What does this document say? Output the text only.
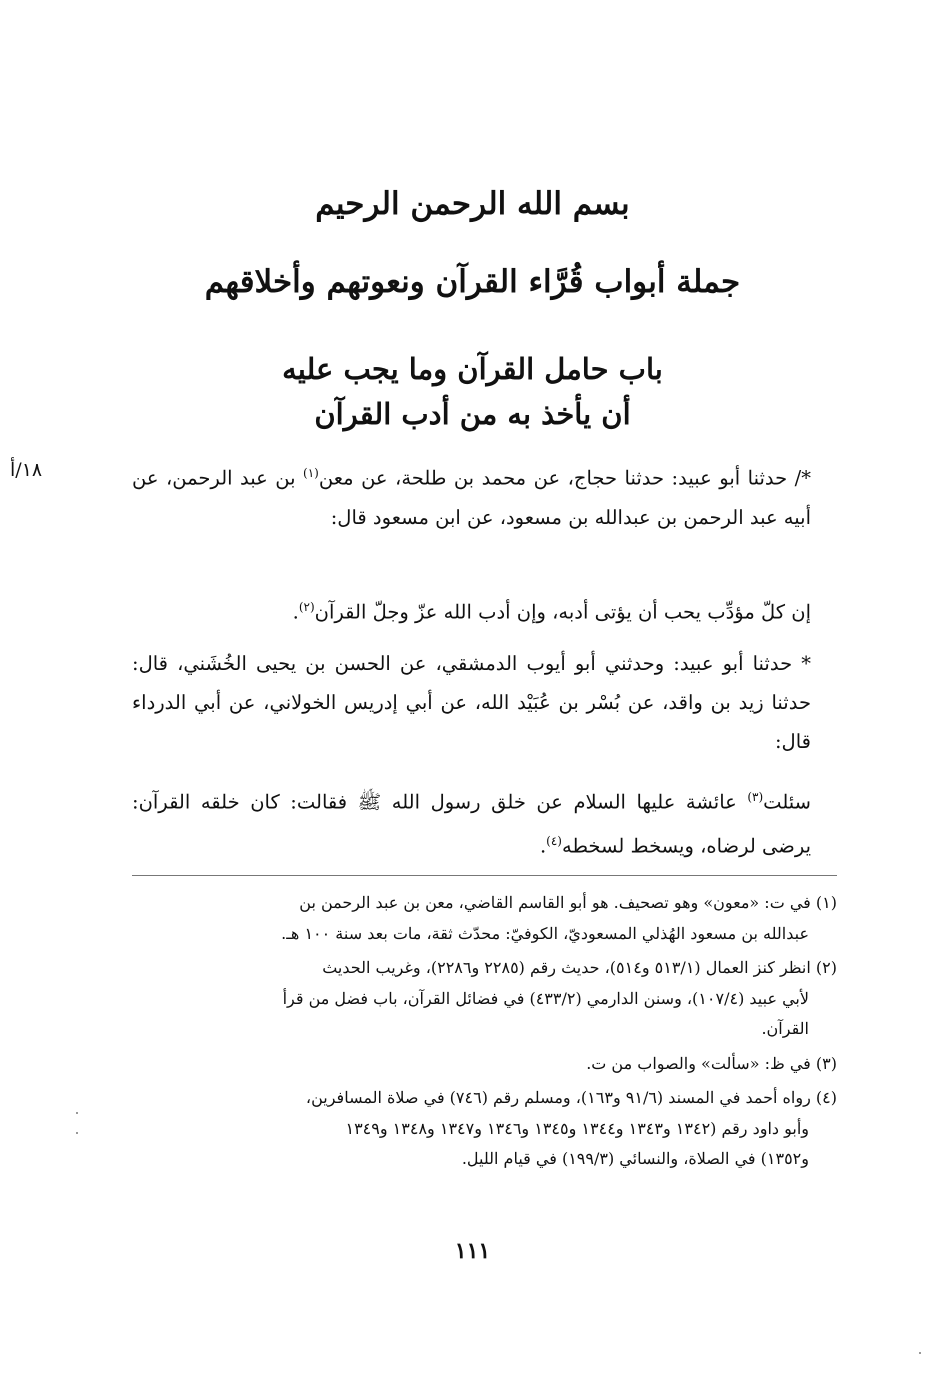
بسم الله الرحمن الرحيم
جملة أبواب قُرَّاء القرآن ونعوتهم وأخلاقهم
باب حامل القرآن وما يجب عليه
أن يأخذ به من أدب القرآن
١٨/أ	*/ حدثنا أبو عبيد: حدثنا حجاج، عن محمد بن طلحة، عن معن$^{(١)}$ بن عبد الرحمن، عن أبيه عبد الرحمن بن عبدالله بن مسعود، عن ابن مسعود قال:
إن كلّ مؤدِّب يحب أن يؤتى أدبه، وإن أدب الله عزّ وجلّ القرآن$^{(٢)}$.
* حدثنا أبو عبيد: وحدثني أبو أيوب الدمشقي، عن الحسن بن يحيى الخُشَني، قال: حدثنا زيد بن واقد، عن بُسْر بن عُبَيْد الله، عن أبي إدريس الخولاني، عن أبي الدرداء قال:
سئلت$^{(٣)}$ عائشة عليها السلام عن خلق رسول الله ﷺ فقالت: كان خلقه القرآن: يرضى لرضاه، ويسخط لسخطه$^{(٤)}$.
(١) في ت: «معون» وهو تصحيف. هو أبو القاسم القاضي، معن بن عبد الرحمن بن
عبدالله بن مسعود الهُذلي المسعوديّ، الكوفيّ: محدّث ثقة، مات بعد سنة ١٠٠ هـ.
(٢) انظر كنز العمال (٥١٣/١ و٥١٤)، حديث رقم (٢٢٨٥ و٢٢٨٦)، وغريب الحديث
لأبي عبيد (١٠٧/٤)، وسنن الدارمي (٤٣٣/٢) في فضائل القرآن، باب فضل من قرأ
القرآن.
(٣) في ظ: «سألت» والصواب من ت.
(٤) رواه أحمد في المسند (٩١/٦ و١٦٣)، ومسلم رقم (٧٤٦) في صلاة المسافرين،
وأبو داود رقم (١٣٤٢ و١٣٤٣ و١٣٤٤ و١٣٤٥ و١٣٤٦ و١٣٤٧ و١٣٤٨ و١٣٤٩
و١٣٥٢) في الصلاة، والنسائي (١٩٩/٣) في قيام الليل.
١١١
